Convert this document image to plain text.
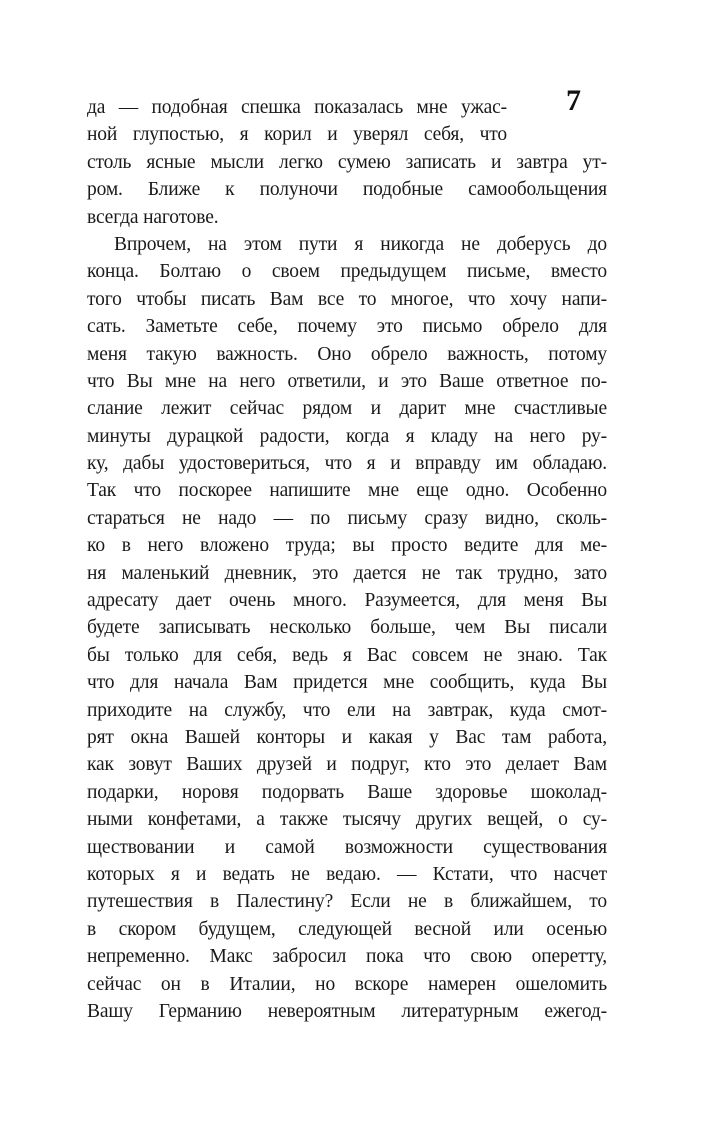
7
да — подобная спешка показалась мне ужас-
ной глупостью, я корил и уверял себя, что
столь ясные мысли легко сумею записать и завтра ут-
ром. Ближе к полуночи подобные самообольщения
всегда наготове.
Впрочем, на этом пути я никогда не доберусь до
конца. Болтаю о своем предыдущем письме, вместо
того чтобы писать Вам все то многое, что хочу напи-
сать. Заметьте себе, почему это письмо обрело для
меня такую важность. Оно обрело важность, потому
что Вы мне на него ответили, и это Ваше ответное по-
слание лежит сейчас рядом и дарит мне счастливые
минуты дурацкой радости, когда я кладу на него ру-
ку, дабы удостовериться, что я и вправду им обладаю.
Так что поскорее напишите мне еще одно. Особенно
стараться не надо — по письму сразу видно, сколь-
ко в него вложено труда; вы просто ведите для ме-
ня маленький дневник, это дается не так трудно, зато
адресату дает очень много. Разумеется, для меня Вы
будете записывать несколько больше, чем Вы писали
бы только для себя, ведь я Вас совсем не знаю. Так
что для начала Вам придется мне сообщить, куда Вы
приходите на службу, что ели на завтрак, куда смот-
рят окна Вашей конторы и какая у Вас там работа,
как зовут Ваших друзей и подруг, кто это делает Вам
подарки, норовя подорвать Ваше здоровье шоколад-
ными конфетами, а также тысячу других вещей, о су-
ществовании и самой возможности существования
которых я и ведать не ведаю. — Кстати, что насчет
путешествия в Палестину? Если не в ближайшем, то
в скором будущем, следующей весной или осенью
непременно. Макс забросил пока что свою оперетту,
сейчас он в Италии, но вскоре намерен ошеломить
Вашу Германию невероятным литературным ежегод-
